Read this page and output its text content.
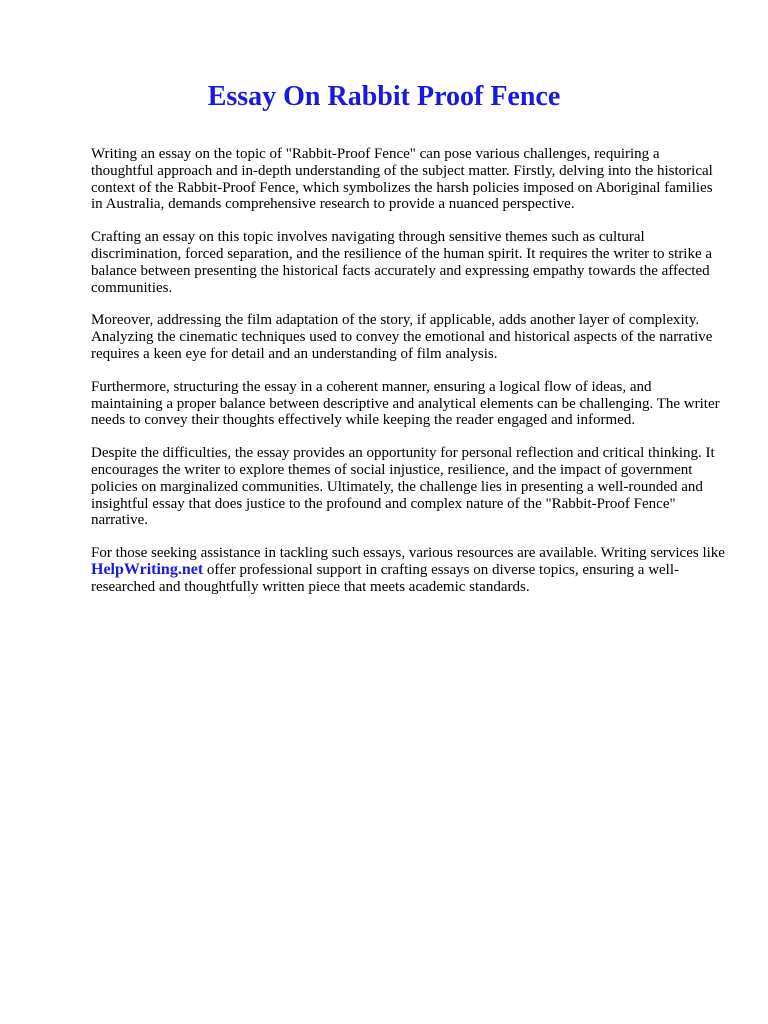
Essay On Rabbit Proof Fence

Writing an essay on the topic of "Rabbit-Proof Fence" can pose various challenges, requiring a thoughtful approach and in-depth understanding of the subject matter. Firstly, delving into the historical context of the Rabbit-Proof Fence, which symbolizes the harsh policies imposed on Aboriginal families in Australia, demands comprehensive research to provide a nuanced perspective.

Crafting an essay on this topic involves navigating through sensitive themes such as cultural discrimination, forced separation, and the resilience of the human spirit. It requires the writer to strike a balance between presenting the historical facts accurately and expressing empathy towards the affected communities.

Moreover, addressing the film adaptation of the story, if applicable, adds another layer of complexity. Analyzing the cinematic techniques used to convey the emotional and historical aspects of the narrative requires a keen eye for detail and an understanding of film analysis.

Furthermore, structuring the essay in a coherent manner, ensuring a logical flow of ideas, and maintaining a proper balance between descriptive and analytical elements can be challenging. The writer needs to convey their thoughts effectively while keeping the reader engaged and informed.

Despite the difficulties, the essay provides an opportunity for personal reflection and critical thinking. It encourages the writer to explore themes of social injustice, resilience, and the impact of government policies on marginalized communities. Ultimately, the challenge lies in presenting a well-rounded and insightful essay that does justice to the profound and complex nature of the "Rabbit-Proof Fence" narrative.

For those seeking assistance in tackling such essays, various resources are available. Writing services like HelpWriting.net offer professional support in crafting essays on diverse topics, ensuring a well-researched and thoughtfully written piece that meets academic standards.
